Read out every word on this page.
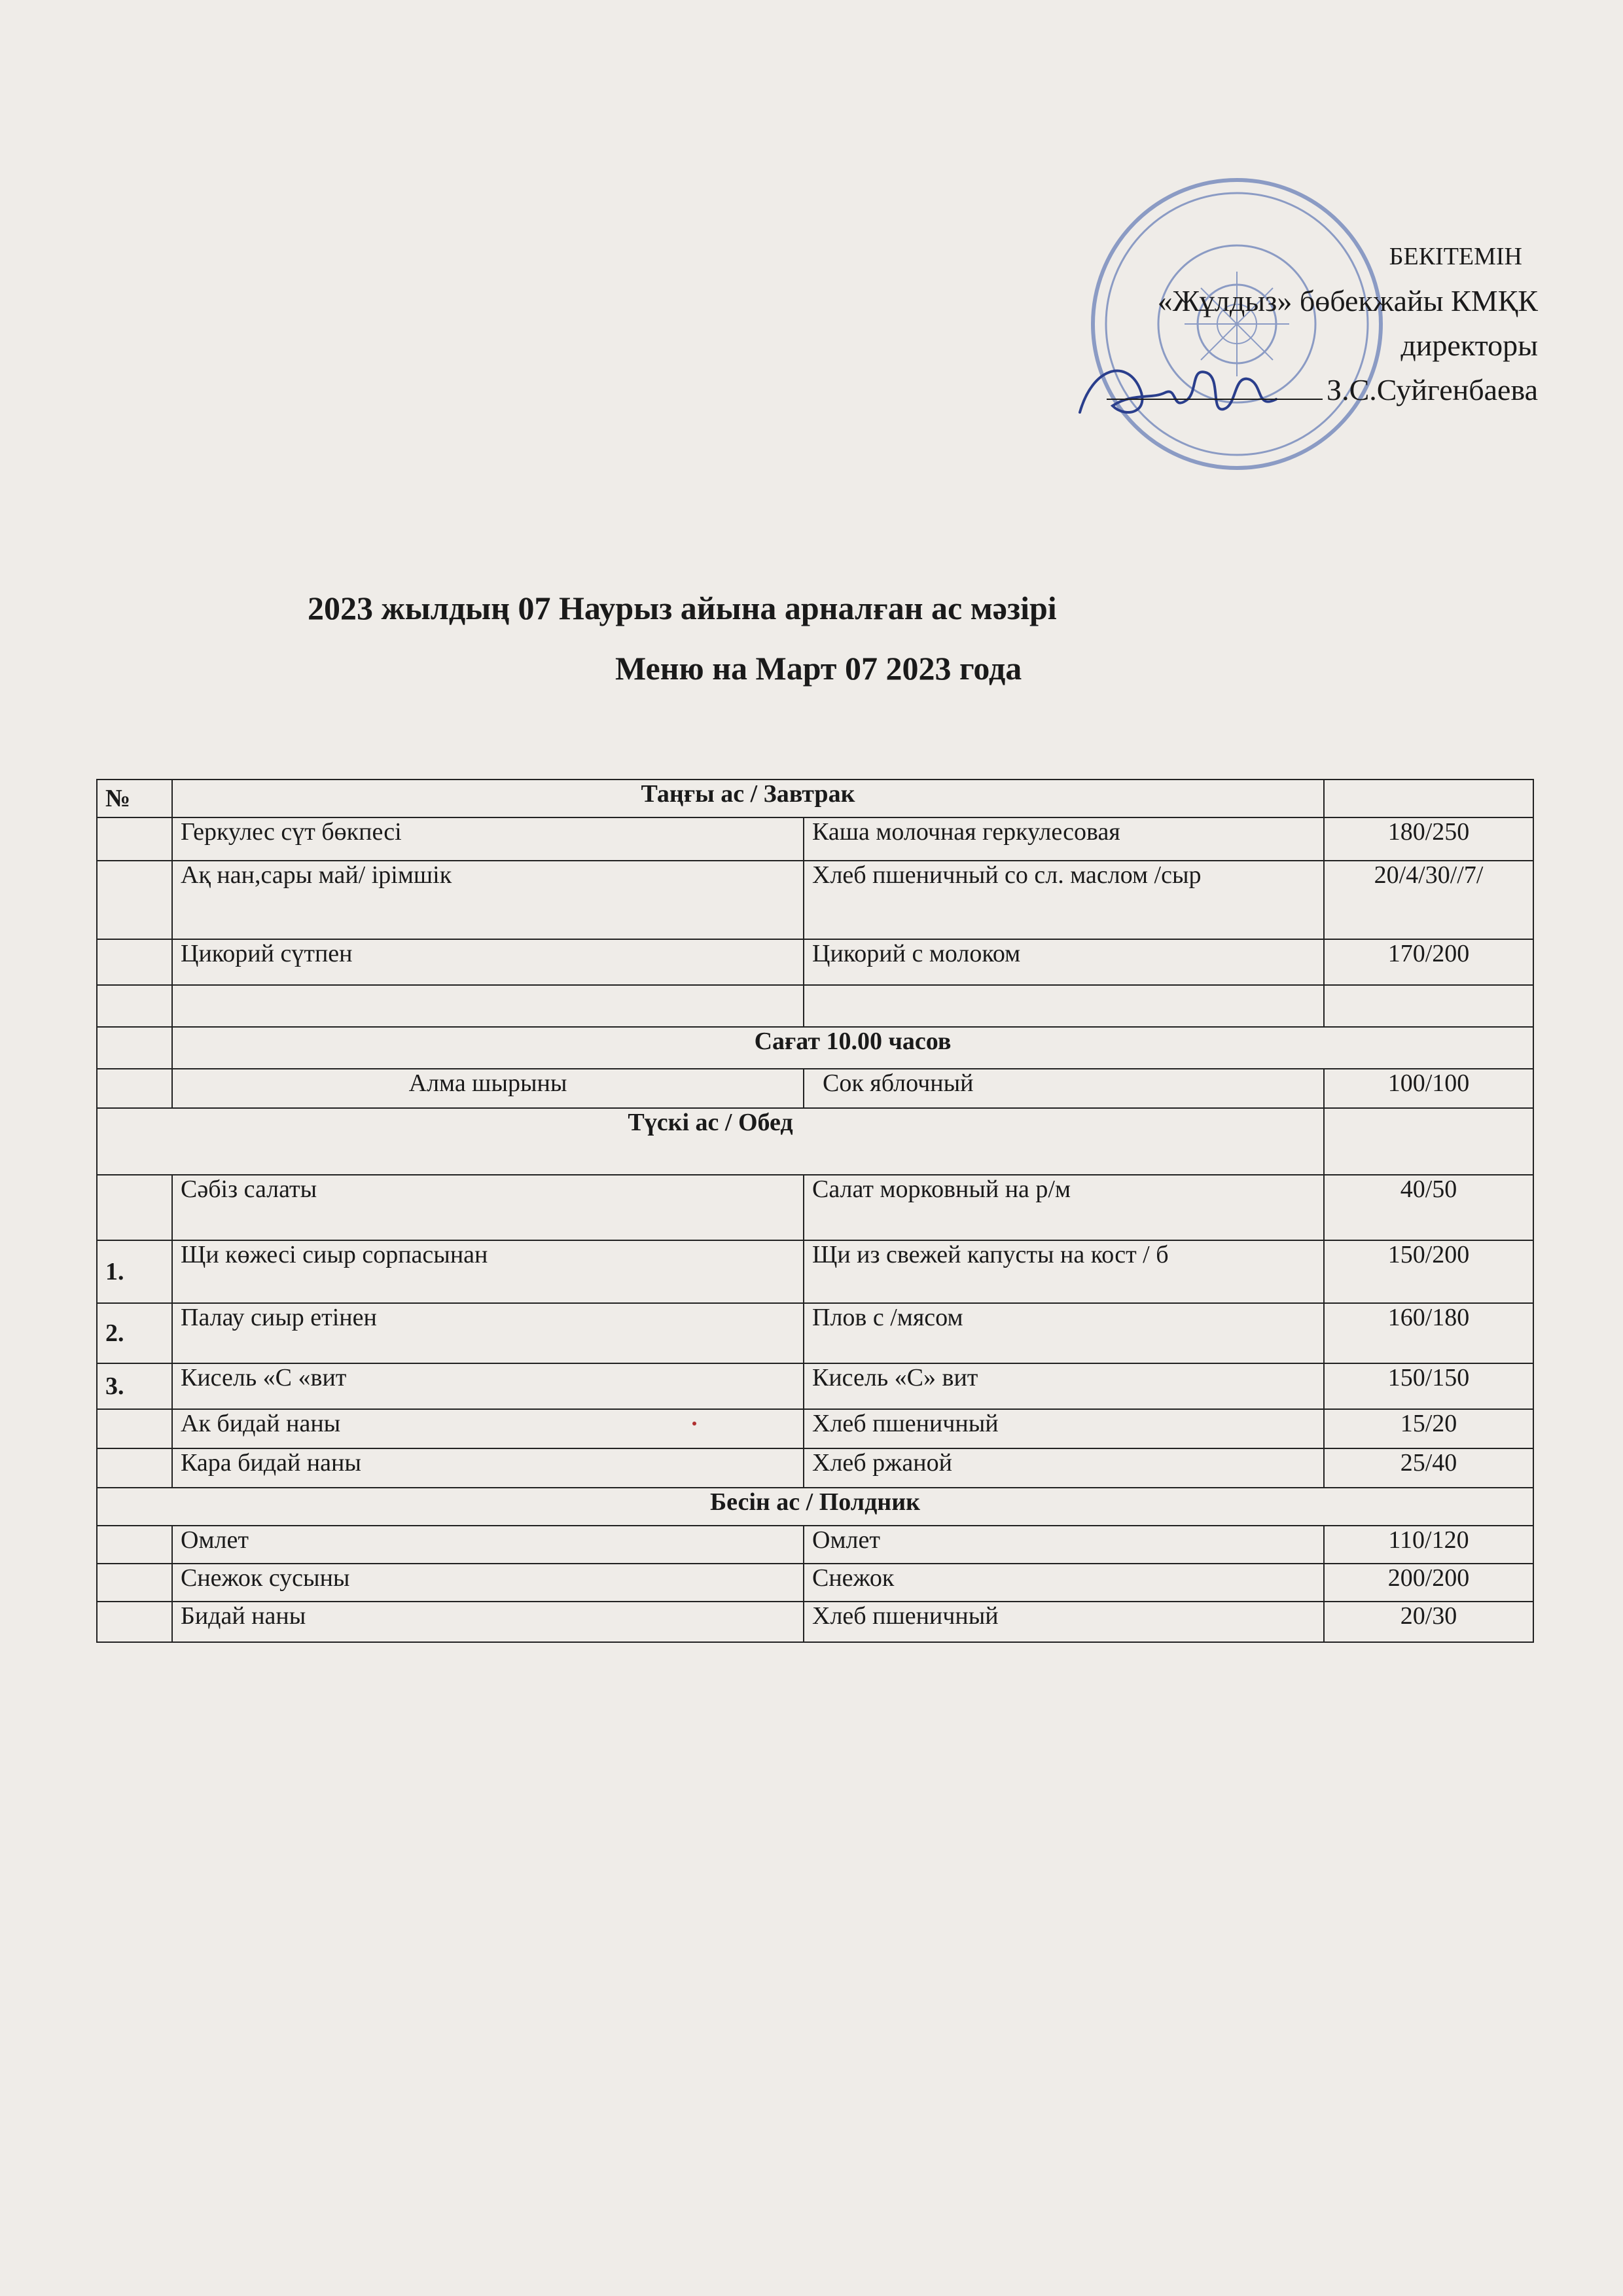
БЕКІТЕМІН
«Жұлдыз» бөбекжайы КМҚК
директоры
З.С.Суйгенбаева
2023 жылдың 07 Наурыз айына арналған ас мәзірі
Меню на Март 07 2023 года
№	Таңғы ас / Завтрак		
	Геркулес сүт бөкпесі	Каша молочная геркулесовая	180/250
	Ақ нан,сары май/ ірімшік	Хлеб пшеничный со сл. маслом /сыр	20/4/30//7/
	Цикорий сүтпен	Цикорий с молоком	170/200

	Сағат 10.00 часов		
	Алма шырыны	Сок яблочный	100/100
Түскі ас / Обед			
	Сәбіз салаты	Салат морковный на р/м	40/50
1.	Щи көжесі сиыр сорпасынан	Щи из свежей капусты на кост / б	150/200
2.	Палау сиыр етінен	Плов с /мясом	160/180
3.	Кисель «С «вит	Кисель «С» вит	150/150
	Ак бидай наны	Хлеб пшеничный	15/20
	Кара бидай наны	Хлеб ржаной	25/40
Бесін ас / Полдник			
	Омлет	Омлет	110/120
	Снежок сусыны	Снежок	200/200
	Бидай наны	Хлеб пшеничный	20/30
